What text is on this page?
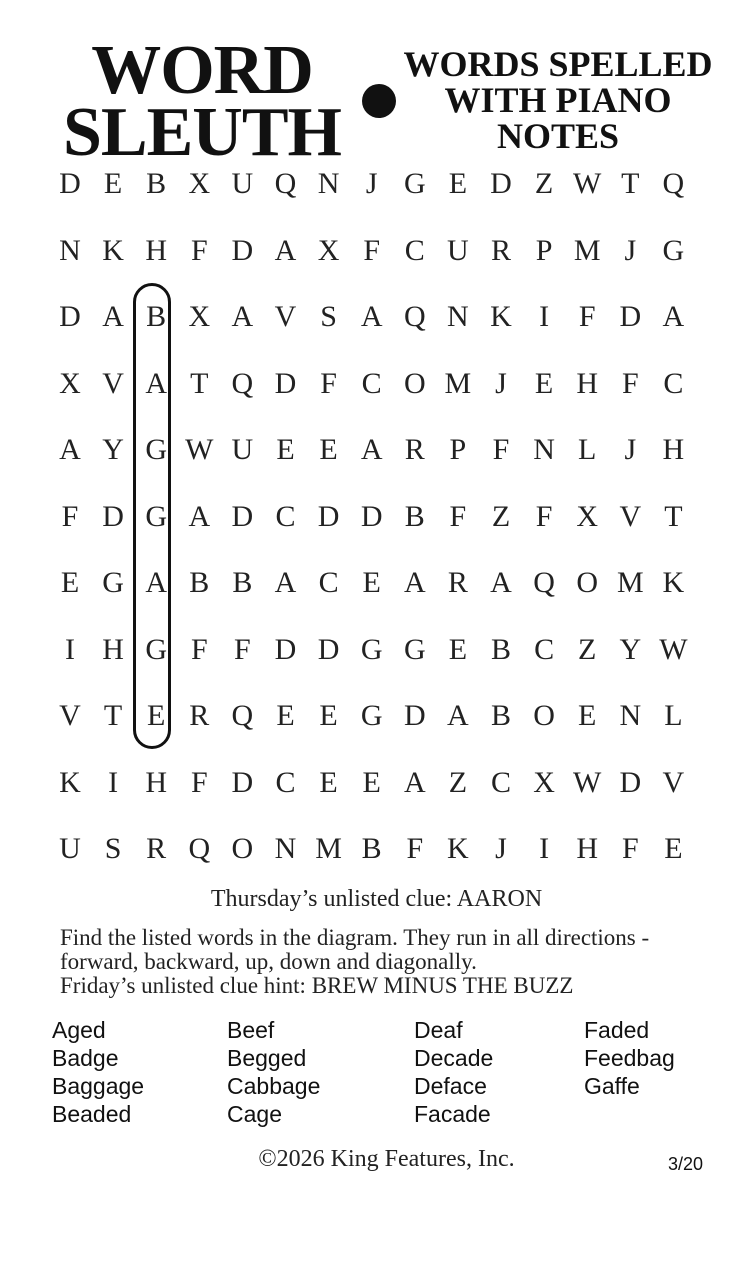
WORD
SLEUTH
WORDS SPELLED
WITH PIANO
NOTES
D E B X U Q N J G E D Z W T Q
N K H F D A X F C U R P M J G
D A B X A V S A Q N K I F D A
X V A T Q D F C O M J E H F C
A Y G W U E E A R P F N L J H
F D G A D C D D B F Z F X V T
E G A B B A C E A R A Q O M K
I H G F F D D G G E B C Z Y W
V T E R Q E E G D A B O E N L
K I H F D C E E A Z C X W D V
U S R Q O N M B F K J	I H F E
Thursday’s unlisted clue: AARON
Find the listed words in the diagram. They run in all directions -
forward, backward, up, down and diagonally.
Friday’s unlisted clue hint: BREW MINUS THE BUZZ
Aged
Badge
Baggage
Beaded
Beef
Begged
Cabbage
Cage
Deaf
Decade
Deface
Facade
Faded
Feedbag
Gaffe
©2026 King Features, Inc.	3/20
